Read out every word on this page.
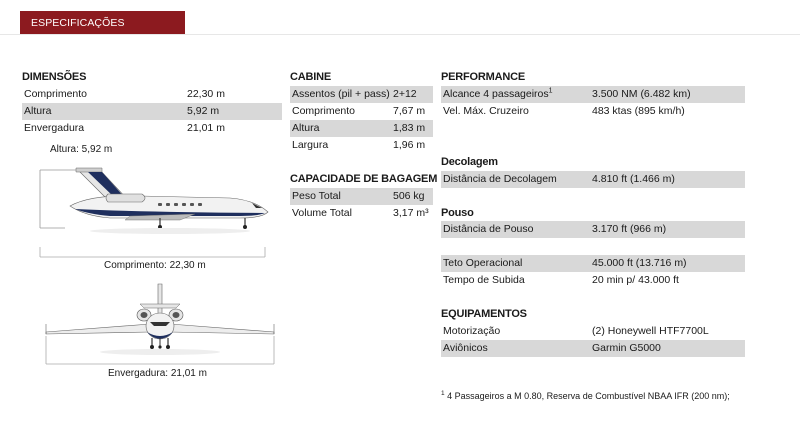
ESPECIFICAÇÕES DETALHADAS
DIMENSÕES
Comprimento	22,30 m
Altura	5,92 m
Envergadura	21,01 m
Altura: 5,92 m
Comprimento: 22,30 m
Envergadura: 21,01 m
CABINE
Assentos (pil + pass) 2+12
Comprimento	7,67 m
Altura	1,83 m
Largura	1,96 m
CAPACIDADE DE BAGAGEM
Peso Total	506 kg
Volume Total	3,17 m³
PERFORMANCE
Alcance 4 passageiros$^1$	3.500 NM (6.482 km)
Vel. Máx. Cruzeiro	483 ktas (895 km/h)
Decolagem
Distância de Decolagem	4.810 ft (1.466 m)
Pouso
Distância de Pouso	3.170 ft (966 m)
Teto Operacional	45.000 ft (13.716 m)
Tempo de Subida	20 min p/ 43.000 ft
EQUIPAMENTOS
Motorização	(2) Honeywell HTF7700L
Aviônicos	Garmin G5000
$^1$ 4 Passageiros a M 0.80, Reserva de Combustível NBAA IFR (200 nm);
